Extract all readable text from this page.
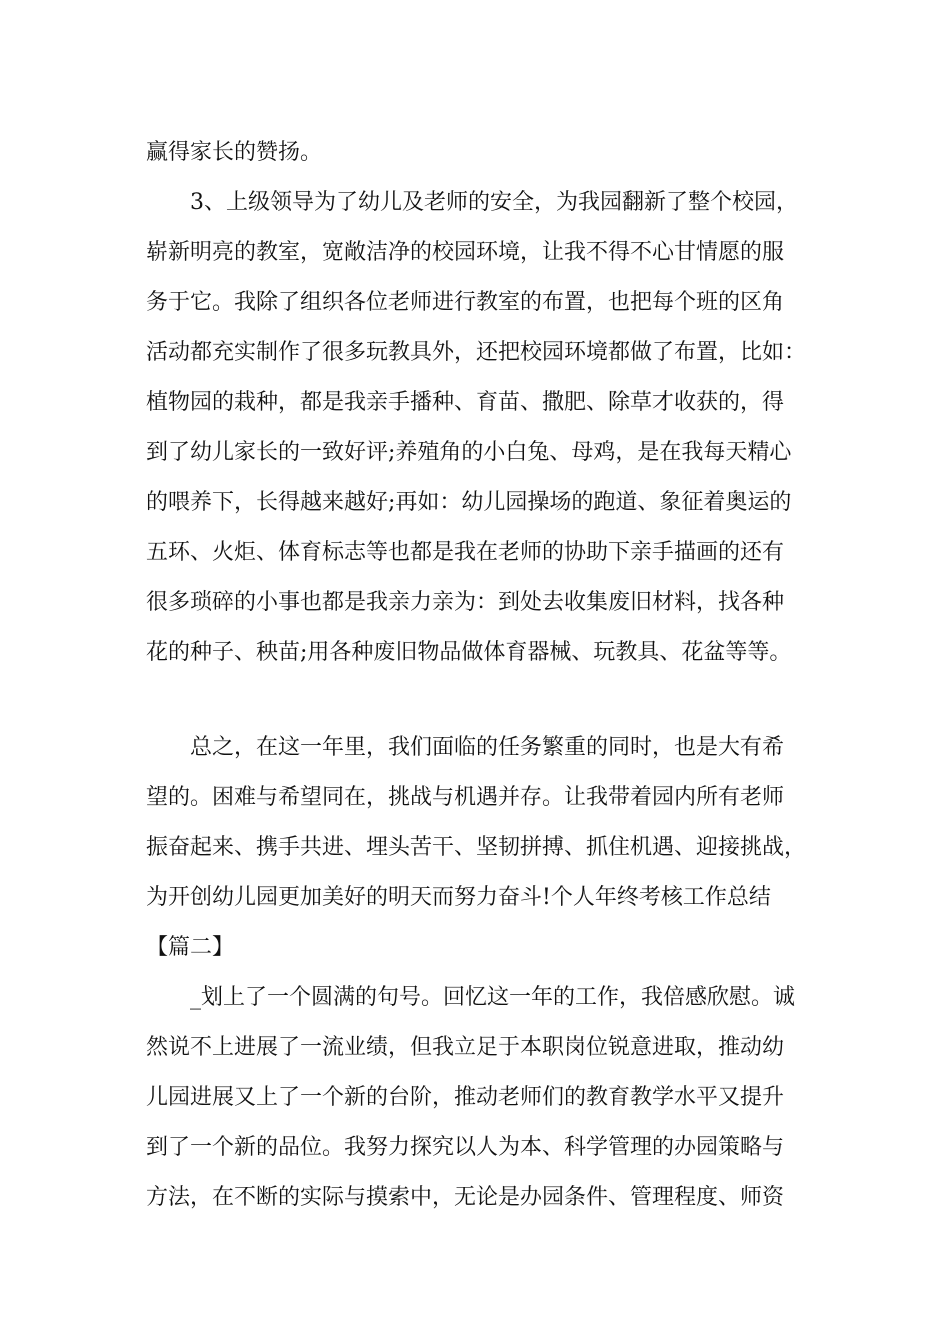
赢得家长的赞扬。
3、上级领导为了幼儿及老师的安全，为我园翻新了整个校园，
崭新明亮的教室，宽敞洁净的校园环境，让我不得不心甘情愿的服
务于它。我除了组织各位老师进行教室的布置，也把每个班的区角
活动都充实制作了很多玩教具外，还把校园环境都做了布置，比如：
植物园的栽种，都是我亲手播种、育苗、撒肥、除草才收获的，得
到了幼儿家长的一致好评;养殖角的小白兔、母鸡，是在我每天精心
的喂养下，长得越来越好;再如：幼儿园操场的跑道、象征着奥运的
五环、火炬、体育标志等也都是我在老师的协助下亲手描画的还有
很多琐碎的小事也都是我亲力亲为：到处去收集废旧材料，找各种
花的种子、秧苗;用各种废旧物品做体育器械、玩教具、花盆等等。
总之，在这一年里，我们面临的任务繁重的同时，也是大有希
望的。困难与希望同在，挑战与机遇并存。让我带着园内所有老师
振奋起来、携手共进、埋头苦干、坚韧拼搏、抓住机遇、迎接挑战，
为开创幼儿园更加美好的明天而努力奋斗!个人年终考核工作总结
【篇二】
_划上了一个圆满的句号。回忆这一年的工作，我倍感欣慰。诚
然说不上进展了一流业绩，但我立足于本职岗位锐意进取，推动幼
儿园进展又上了一个新的台阶，推动老师们的教育教学水平又提升
到了一个新的品位。我努力探究以人为本、科学管理的办园策略与
方法，在不断的实际与摸索中，无论是办园条件、管理程度、师资
